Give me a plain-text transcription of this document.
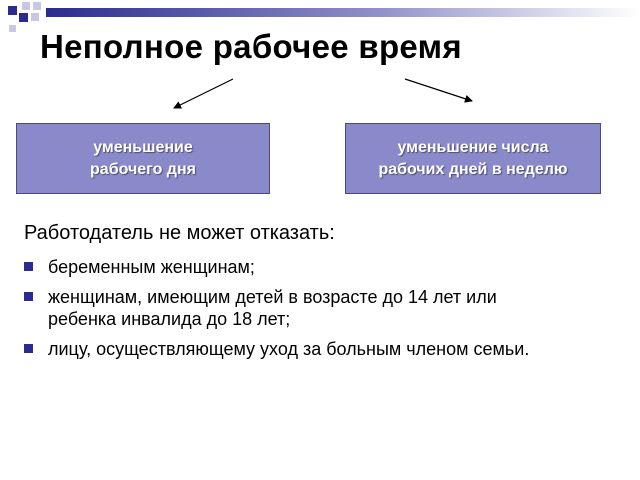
Неполное рабочее время
уменьшение
рабочего дня
уменьшение числа
рабочих дней в неделю
Работодатель не может отказать:
беременным женщинам;
женщинам, имеющим детей в возрасте до 14 лет или
ребенка инвалида до 18 лет;
лицу, осуществляющему уход за больным членом семьи.
